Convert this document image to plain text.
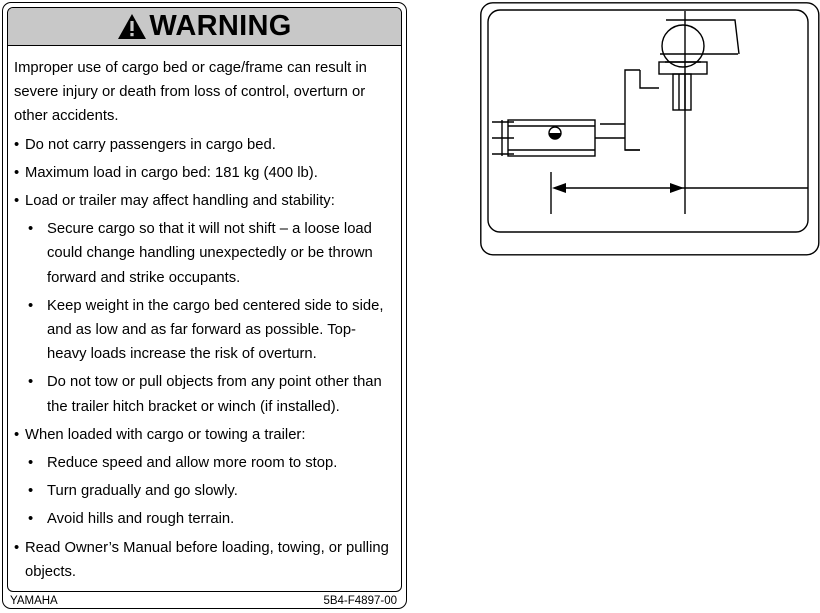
WARNING

Improper use of cargo bed or cage/frame can result in severe injury or death from loss of control, overturn or other accidents.

• Do not carry passengers in cargo bed.
• Maximum load in cargo bed: 181 kg (400 lb).
• Load or trailer may affect handling and stability:
• Secure cargo so that it will not shift – a loose load could change handling unexpectedly or be thrown forward and strike occupants.
• Keep weight in the cargo bed centered side to side, and as low and as far forward as possible. Top-heavy loads increase the risk of overturn.
• Do not tow or pull objects from any point other than the trailer hitch bracket or winch (if installed).
• When loaded with cargo or towing a trailer:
• Reduce speed and allow more room to stop.
• Turn gradually and go slowly.
• Avoid hills and rough terrain.
• Read Owner’s Manual before loading, towing, or pulling objects.
YAMAHA	5B4-F4897-00
